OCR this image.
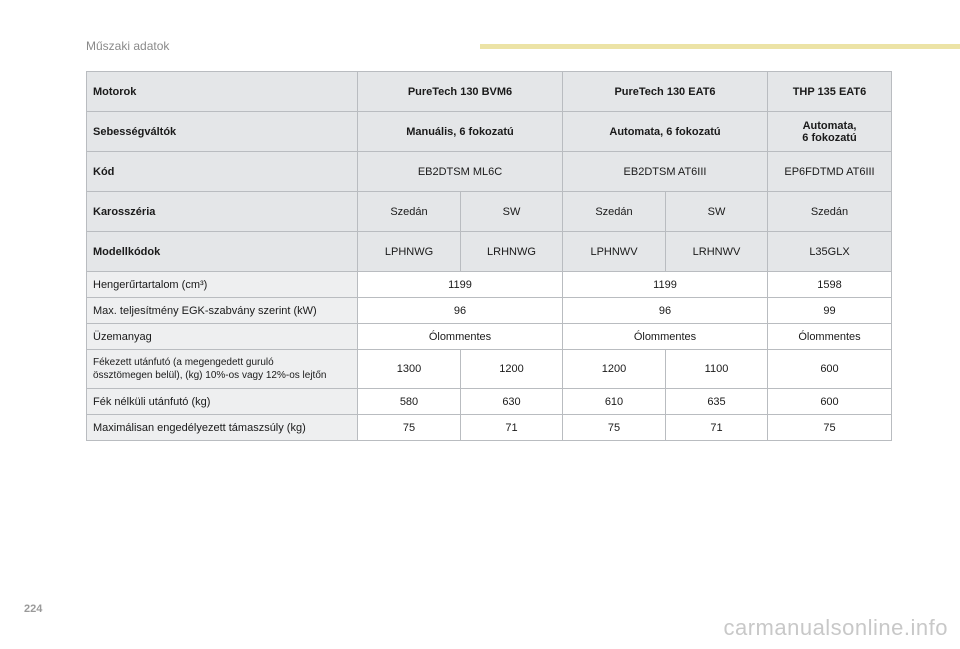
Műszaki adatok
Motorok	PureTech 130 BVM6		PureTech 130 EAT6		THP 135 EAT6
Sebességváltók	Manuális, 6 fokozatú		Automata, 6 fokozatú		Automata,
6 fokozatú

Kód	EB2DTSM ML6C		EB2DTSM AT6III		EP6FDTMD AT6III
Karosszéria	Szedán	SW	Szedán	SW	Szedán
Modellkódok	LPHNWG	LRHNWG	LPHNWV	LRHNWV	L35GLX
Hengerűrtartalom (cm³)	1199		1199		1598
Max. teljesítmény EGK-szabvány szerint (kW)	96		96		99
Üzemanyag	Ólommentes		Ólommentes		Ólommentes

Fékezett utánfutó (a megengedett guruló
össztömegen belül), (kg) 10%-os vagy 12%-os lejtőn	1300	1200	1200	1100	600
Fék nélküli utánfutó (kg)	580	630	610	635	600
Maximálisan engedélyezett támaszsúly (kg)	75	71	75	71	75
224
carmanualsonline.info
